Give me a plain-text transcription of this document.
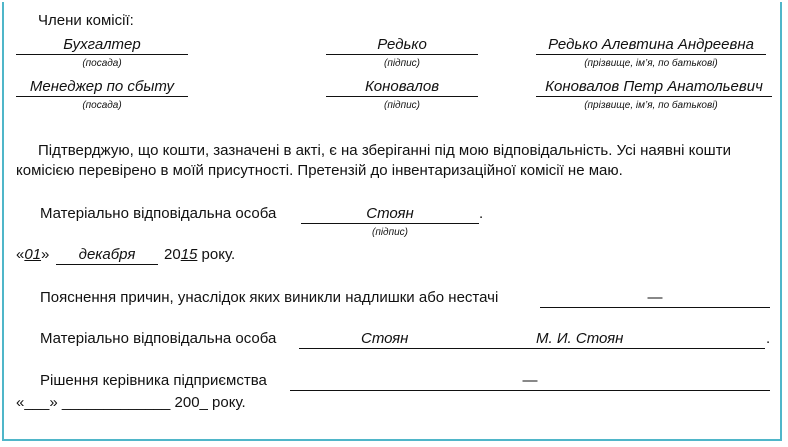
Члени комісії:
Бухгалтер	Редько	Редько Алевтина Андреевна
(посада)	(підпис)	(прізвище, ім’я, по батькові)
Менеджер по сбыту	Коновалов	Коновалов Петр Анатольевич
(посада)	(підпис)	(прізвище, ім’я, по батькові)
Підтверджую, що кошти, зазначені в акті, є на зберіганні під мою відповідальність. Усі наявні кошти
комісією перевірено в моїй присутності. Претензій до інвентаризаційної комісії не маю.
Матеріально відповідальна особа	Стоян	.
(підпис)
«01»	декабря	2015 року.
Пояснення причин, унаслідок яких виникли надлишки або нестачі	—
Матеріально відповідальна особа	Стоян	М. И. Стоян	.
Рішення керівника підприємства	—
«___» _____________ 200_ року.
